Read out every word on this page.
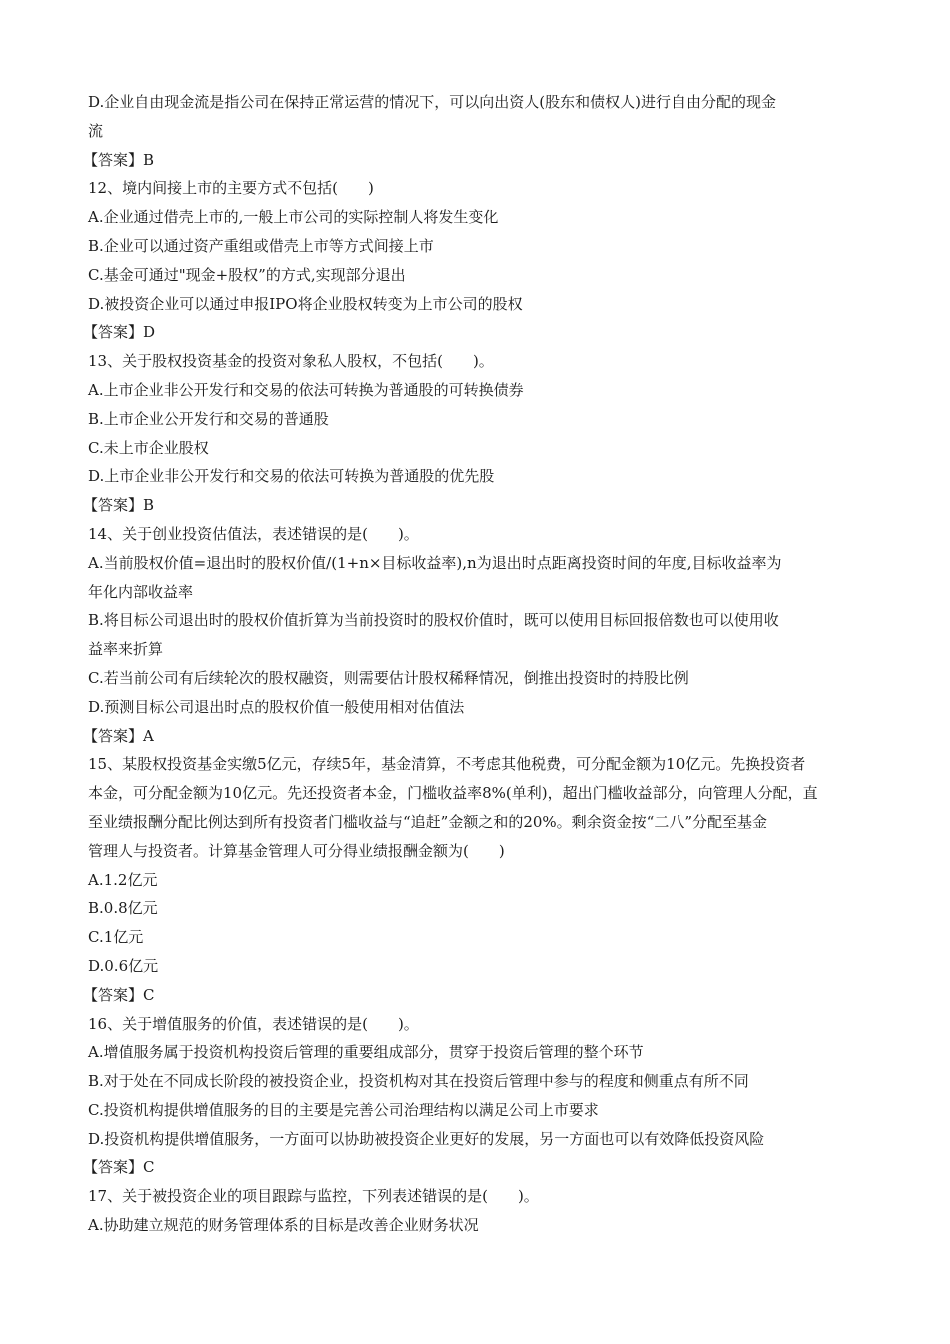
D.企业自由现金流是指公司在保持正常运营的情况下，可以向出资人(股东和债权人)进行自由分配的现金
流
【答案】B
12、境内间接上市的主要方式不包括(　　)
A.企业通过借壳上市的,一般上市公司的实际控制人将发生变化
B.企业可以通过资产重组或借壳上市等方式间接上市
C.基金可通过"现金+股权”的方式,实现部分退出
D.被投资企业可以通过申报IPO将企业股权转变为上市公司的股权
【答案】D
13、关于股权投资基金的投资对象私人股权，不包括(　　)。
A.上市企业非公开发行和交易的依法可转换为普通股的可转换债券
B.上市企业公开发行和交易的普通股
C.未上市企业股权
D.上市企业非公开发行和交易的依法可转换为普通股的优先股
【答案】B
14、关于创业投资估值法，表述错误的是(　　)。
A.当前股权价值=退出时的股权价值/(1+n×目标收益率),n为退出时点距离投资时间的年度,目标收益率为
年化内部收益率
B.将目标公司退出时的股权价值折算为当前投资时的股权价值时，既可以使用目标回报倍数也可以使用收
益率来折算
C.若当前公司有后续轮次的股权融资，则需要估计股权稀释情况，倒推出投资时的持股比例
D.预测目标公司退出时点的股权价值一般使用相对估值法
【答案】A
15、某股权投资基金实缴5亿元，存续5年，基金清算，不考虑其他税费，可分配金额为10亿元。先换投资者
本金，可分配金额为10亿元。先还投资者本金，门槛收益率8%(单利)，超出门槛收益部分，向管理人分配，直
至业绩报酬分配比例达到所有投资者门槛收益与“追赶”金额之和的20%。剩余资金按“二八”分配至基金
管理人与投资者。计算基金管理人可分得业绩报酬金额为(　　)
A.1.2亿元
B.0.8亿元
C.1亿元
D.0.6亿元
【答案】C
16、关于增值服务的价值，表述错误的是(　　)。
A.增值服务属于投资机构投资后管理的重要组成部分，贯穿于投资后管理的整个环节
B.对于处在不同成长阶段的被投资企业，投资机构对其在投资后管理中参与的程度和侧重点有所不同
C.投资机构提供增值服务的目的主要是完善公司治理结构以满足公司上市要求
D.投资机构提供增值服务，一方面可以协助被投资企业更好的发展，另一方面也可以有效降低投资风险
【答案】C
17、关于被投资企业的项目跟踪与监控，下列表述错误的是(　　)。
A.协助建立规范的财务管理体系的目标是改善企业财务状况
